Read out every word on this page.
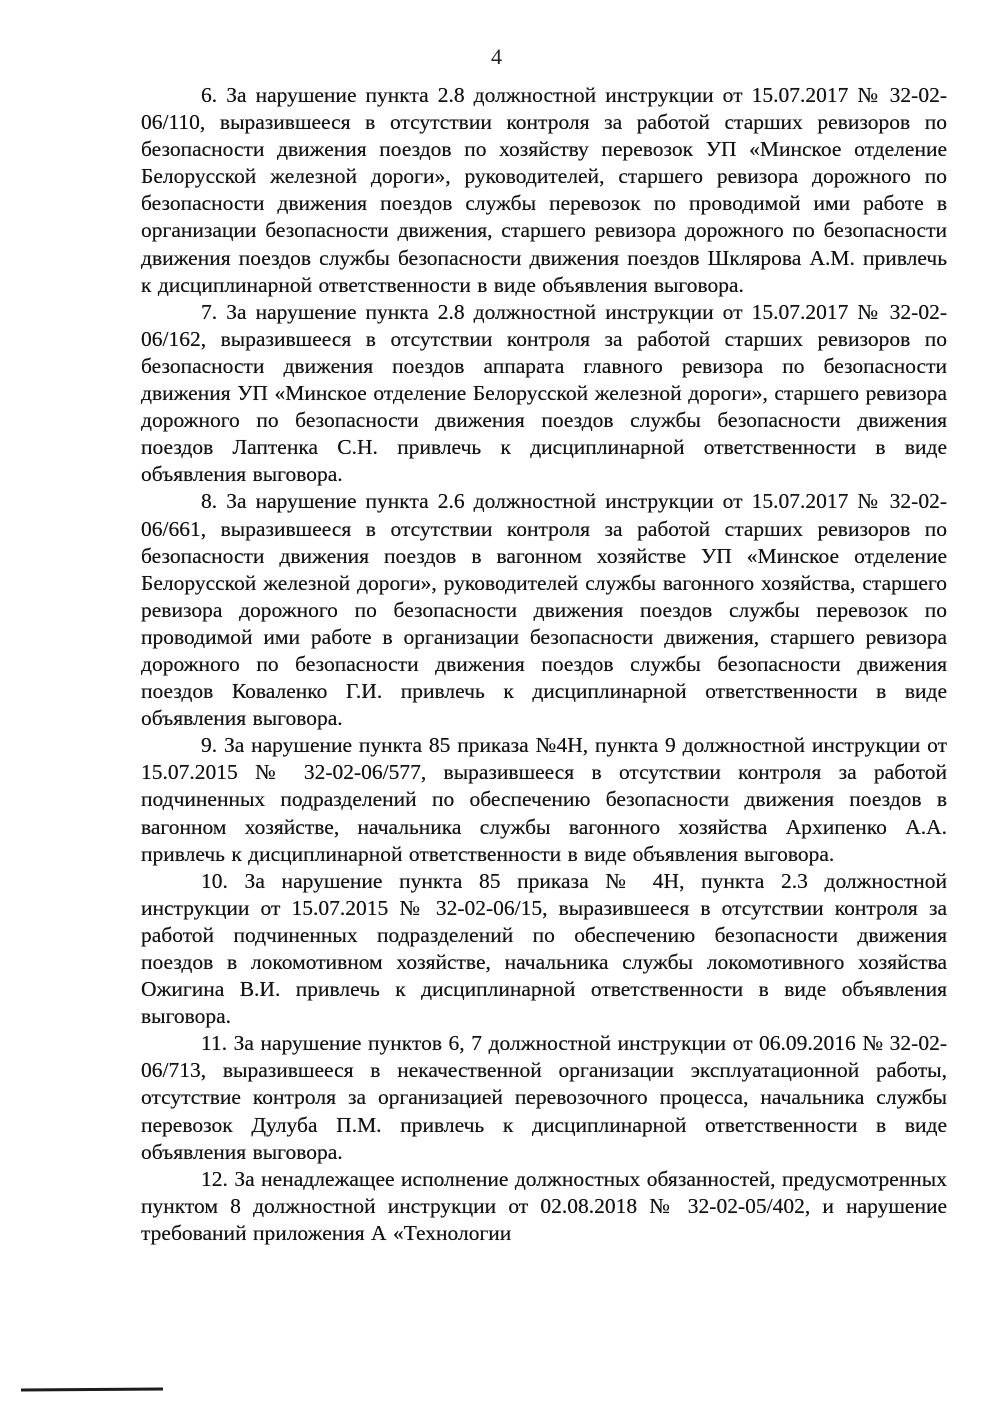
4

6. За нарушение пункта 2.8 должностной инструкции от 15.07.2017 № 32-02-06/110, выразившееся в отсутствии контроля за работой старших ревизоров по безопасности движения поездов по хозяйству перевозок УП «Минское отделение Белорусской железной дороги», руководителей, старшего ревизора дорожного по безопасности движения поездов службы перевозок по проводимой ими работе в организации безопасности движения, старшего ревизора дорожного по безопасности движения поездов службы безопасности движения поездов Шклярова А.М. привлечь к дисциплинарной ответственности в виде объявления выговора.

7. За нарушение пункта 2.8 должностной инструкции от 15.07.2017 № 32-02-06/162, выразившееся в отсутствии контроля за работой старших ревизоров по безопасности движения поездов аппарата главного ревизора по безопасности движения УП «Минское отделение Белорусской железной дороги», старшего ревизора дорожного по безопасности движения поездов службы безопасности движения поездов Лаптенка С.Н. привлечь к дисциплинарной ответственности в виде объявления выговора.

8. За нарушение пункта 2.6 должностной инструкции от 15.07.2017 № 32-02-06/661, выразившееся в отсутствии контроля за работой старших ревизоров по безопасности движения поездов в вагонном хозяйстве УП «Минское отделение Белорусской железной дороги», руководителей службы вагонного хозяйства, старшего ревизора дорожного по безопасности движения поездов службы перевозок по проводимой ими работе в организации безопасности движения, старшего ревизора дорожного по безопасности движения поездов службы безопасности движения поездов Коваленко Г.И. привлечь к дисциплинарной ответственности в виде объявления выговора.

9. За нарушение пункта 85 приказа №4Н, пункта 9 должностной инструкции от 15.07.2015 № 32-02-06/577, выразившееся в отсутствии контроля за работой подчиненных подразделений по обеспечению безопасности движения поездов в вагонном хозяйстве, начальника службы вагонного хозяйства Архипенко А.А. привлечь к дисциплинарной ответственности в виде объявления выговора.

10. За нарушение пункта 85 приказа № 4Н, пункта 2.3 должностной инструкции от 15.07.2015 № 32-02-06/15, выразившееся в отсутствии контроля за работой подчиненных подразделений по обеспечению безопасности движения поездов в локомотивном хозяйстве, начальника службы локомотивного хозяйства Ожигина В.И. привлечь к дисциплинарной ответственности в виде объявления выговора.

11. За нарушение пунктов 6, 7 должностной инструкции от 06.09.2016 № 32-02-06/713, выразившееся в некачественной организации эксплуатационной работы, отсутствие контроля за организацией перевозочного процесса, начальника службы перевозок Дулуба П.М. привлечь к дисциплинарной ответственности в виде объявления выговора.

12. За ненадлежащее исполнение должностных обязанностей, предусмотренных пунктом 8 должностной инструкции от 02.08.2018 № 32-02-05/402, и нарушение требований приложения А «Технологии
